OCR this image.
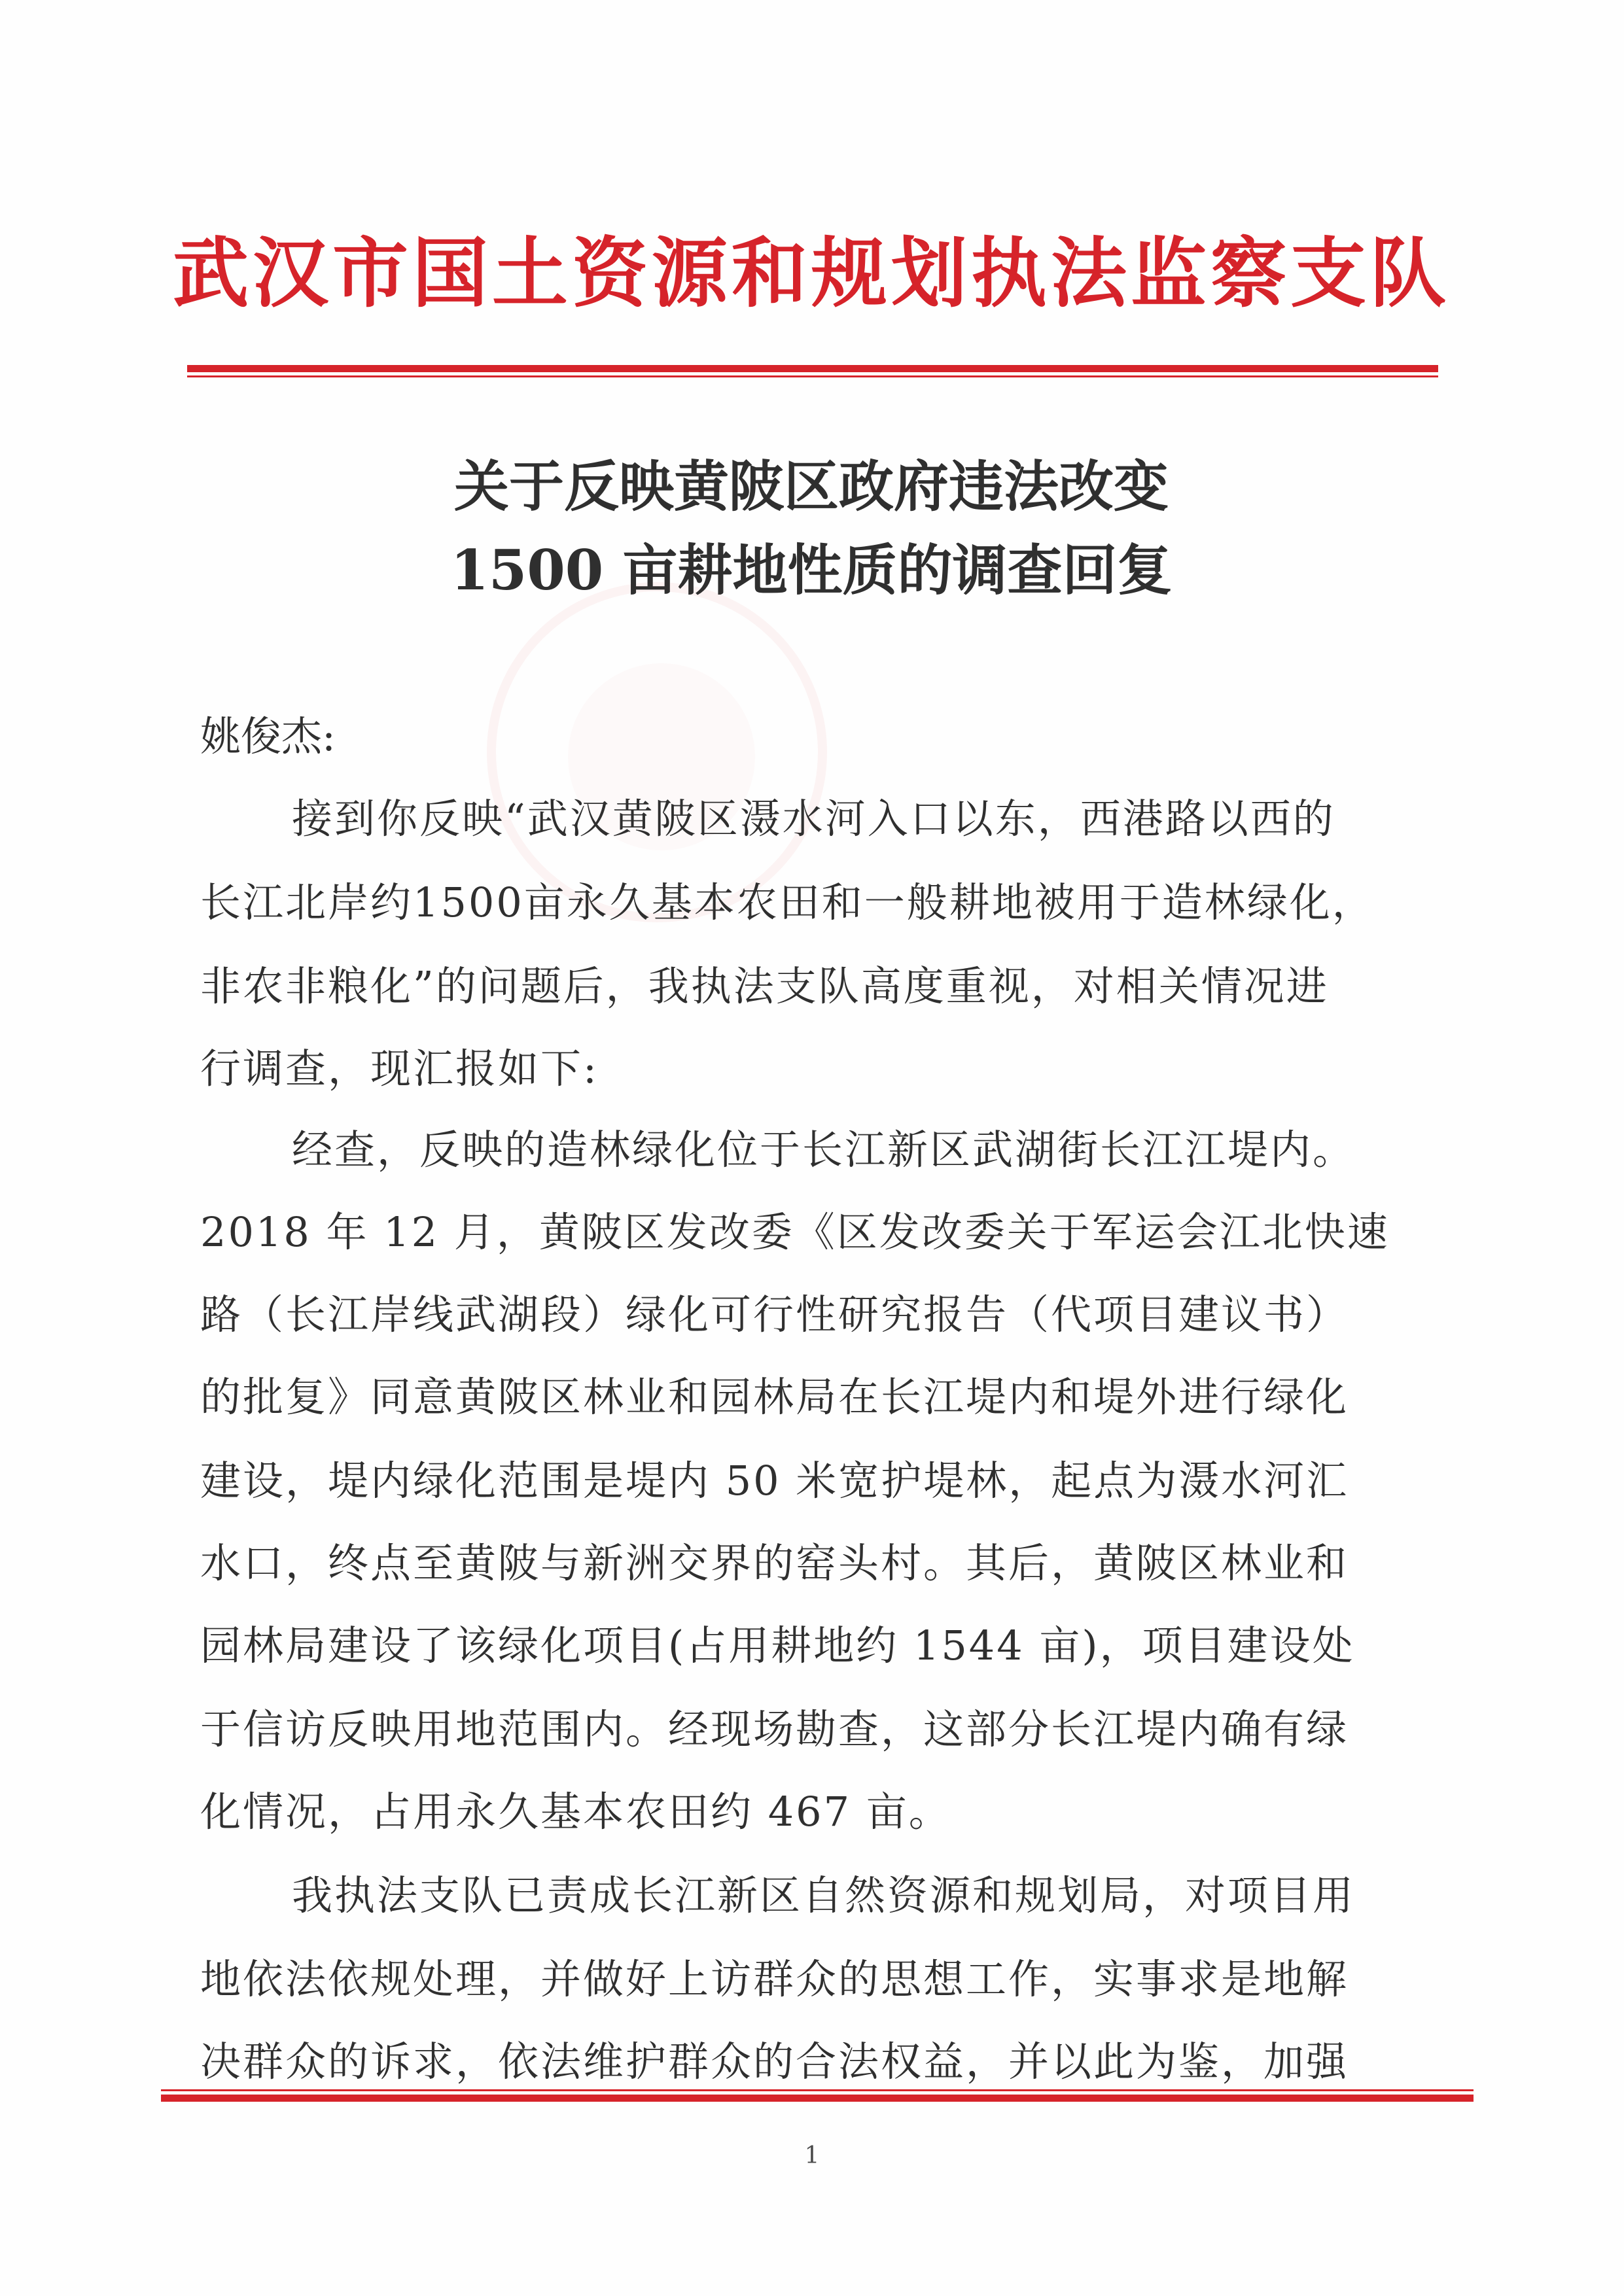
武汉市国土资源和规划执法监察支队
关于反映黄陂区政府违法改变
1500 亩耕地性质的调查回复
姚俊杰:
接到你反映“武汉黄陂区滠水河入口以东，西港路以西的
长江北岸约1500亩永久基本农田和一般耕地被用于造林绿化，
非农非粮化”的问题后，我执法支队高度重视，对相关情况进
行调查，现汇报如下:
经查，反映的造林绿化位于长江新区武湖街长江江堤内。
2018 年 12 月，黄陂区发改委《区发改委关于军运会江北快速
路（长江岸线武湖段）绿化可行性研究报告（代项目建议书）
的批复》同意黄陂区林业和园林局在长江堤内和堤外进行绿化
建设，堤内绿化范围是堤内 50 米宽护堤林，起点为滠水河汇
水口，终点至黄陂与新洲交界的窑头村。其后，黄陂区林业和
园林局建设了该绿化项目(占用耕地约 1544 亩)，项目建设处
于信访反映用地范围内。经现场勘查，这部分长江堤内确有绿
化情况，占用永久基本农田约 467 亩。
我执法支队已责成长江新区自然资源和规划局，对项目用
地依法依规处理，并做好上访群众的思想工作，实事求是地解
决群众的诉求，依法维护群众的合法权益，并以此为鉴，加强
1
